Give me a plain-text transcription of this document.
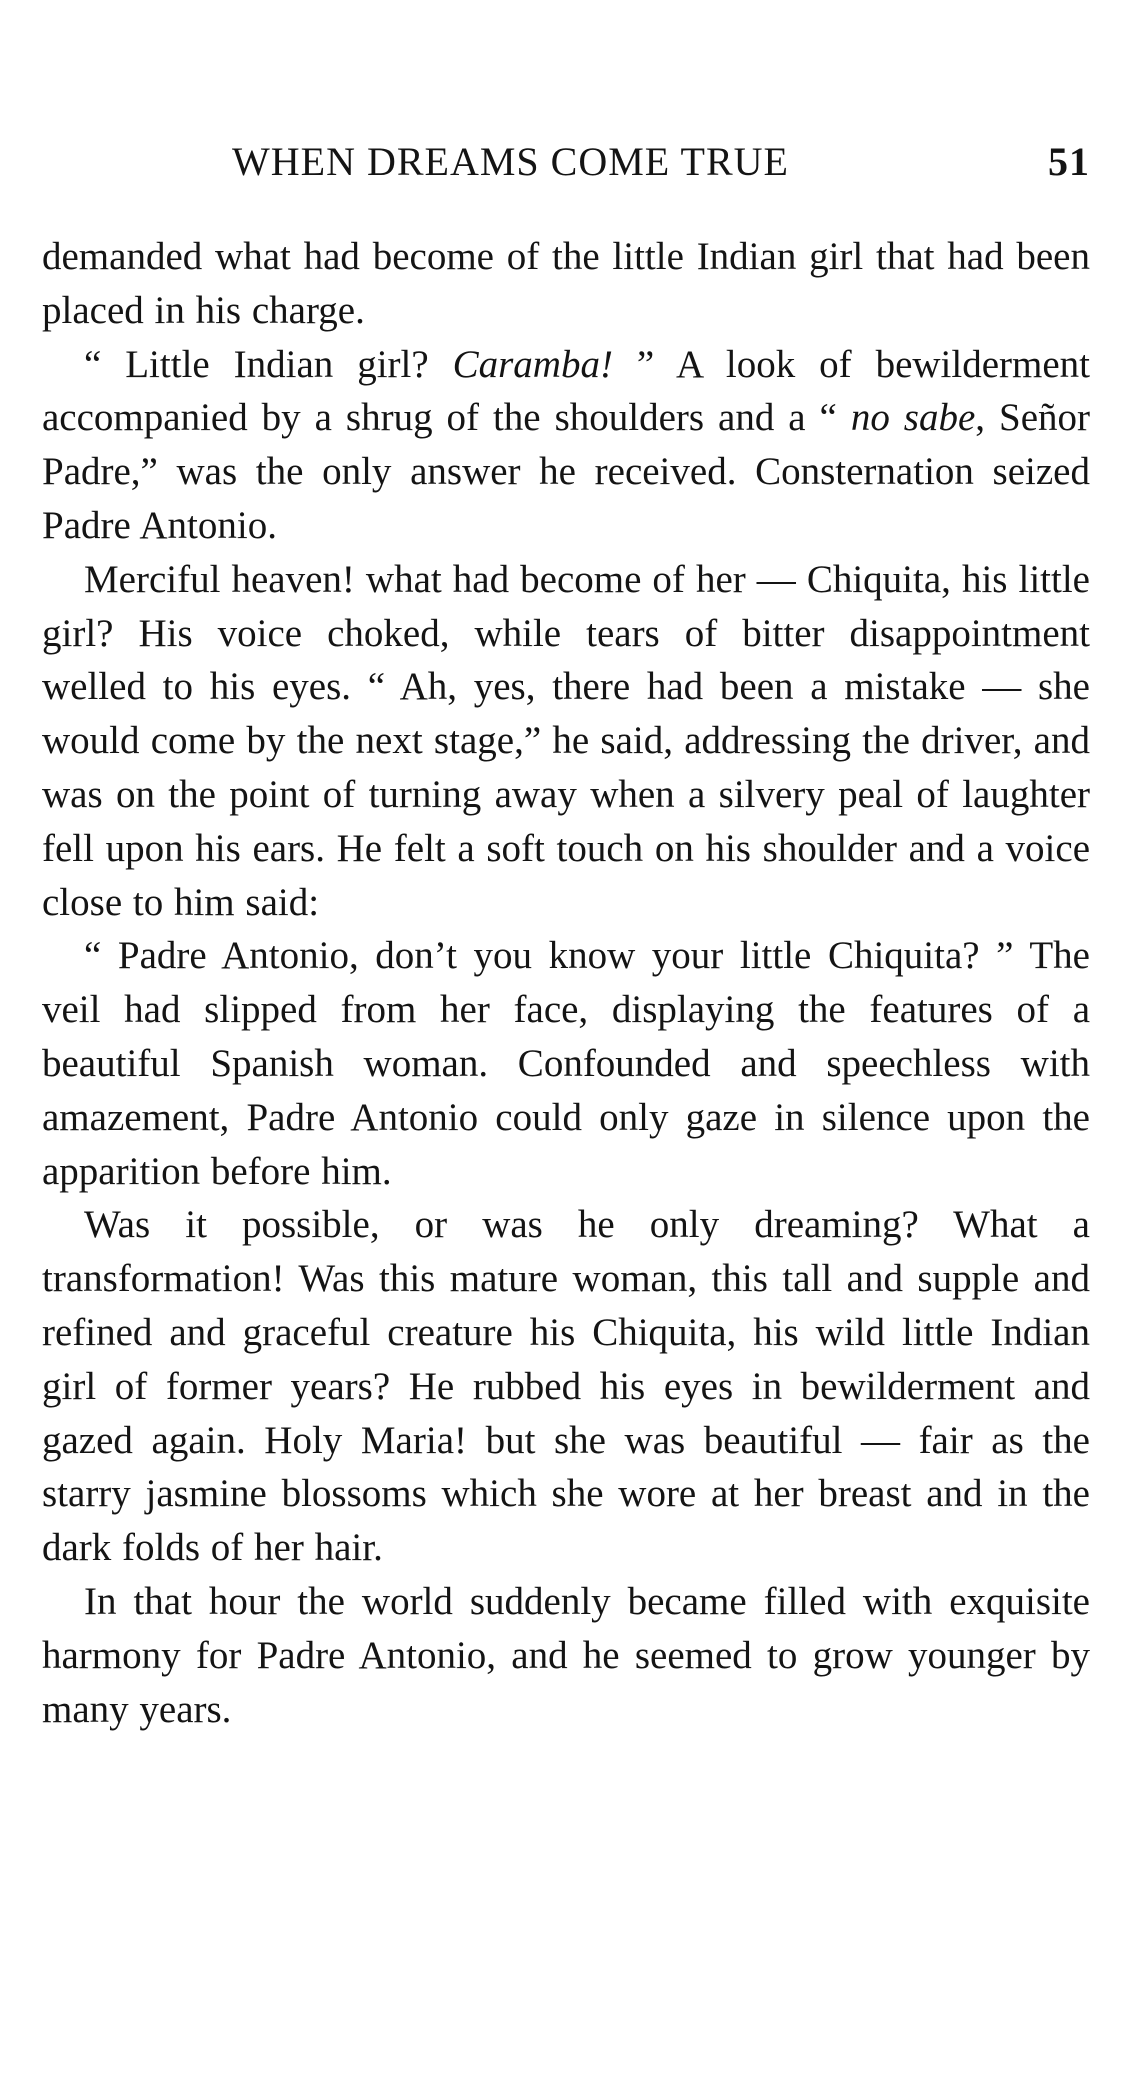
WHEN DREAMS COME TRUE	51

demanded what had become of the little Indian girl that had been placed in his charge.

“ Little Indian girl? Caramba! ” A look of bewilderment accompanied by a shrug of the shoulders and a “ no sabe, Señor Padre,” was the only answer he received. Consternation seized Padre Antonio.

Merciful heaven! what had become of her — Chiquita, his little girl? His voice choked, while tears of bitter disappointment welled to his eyes. “ Ah, yes, there had been a mistake — she would come by the next stage,” he said, addressing the driver, and was on the point of turning away when a silvery peal of laughter fell upon his ears. He felt a soft touch on his shoulder and a voice close to him said:

“ Padre Antonio, don’t you know your little Chiquita? ” The veil had slipped from her face, displaying the features of a beautiful Spanish woman. Confounded and speechless with amazement, Padre Antonio could only gaze in silence upon the apparition before him.

Was it possible, or was he only dreaming? What a transformation! Was this mature woman, this tall and supple and refined and graceful creature his Chiquita, his wild little Indian girl of former years? He rubbed his eyes in bewilderment and gazed again. Holy Maria! but she was beautiful — fair as the starry jasmine blossoms which she wore at her breast and in the dark folds of her hair.

In that hour the world suddenly became filled with exquisite harmony for Padre Antonio, and he seemed to grow younger by many years.
